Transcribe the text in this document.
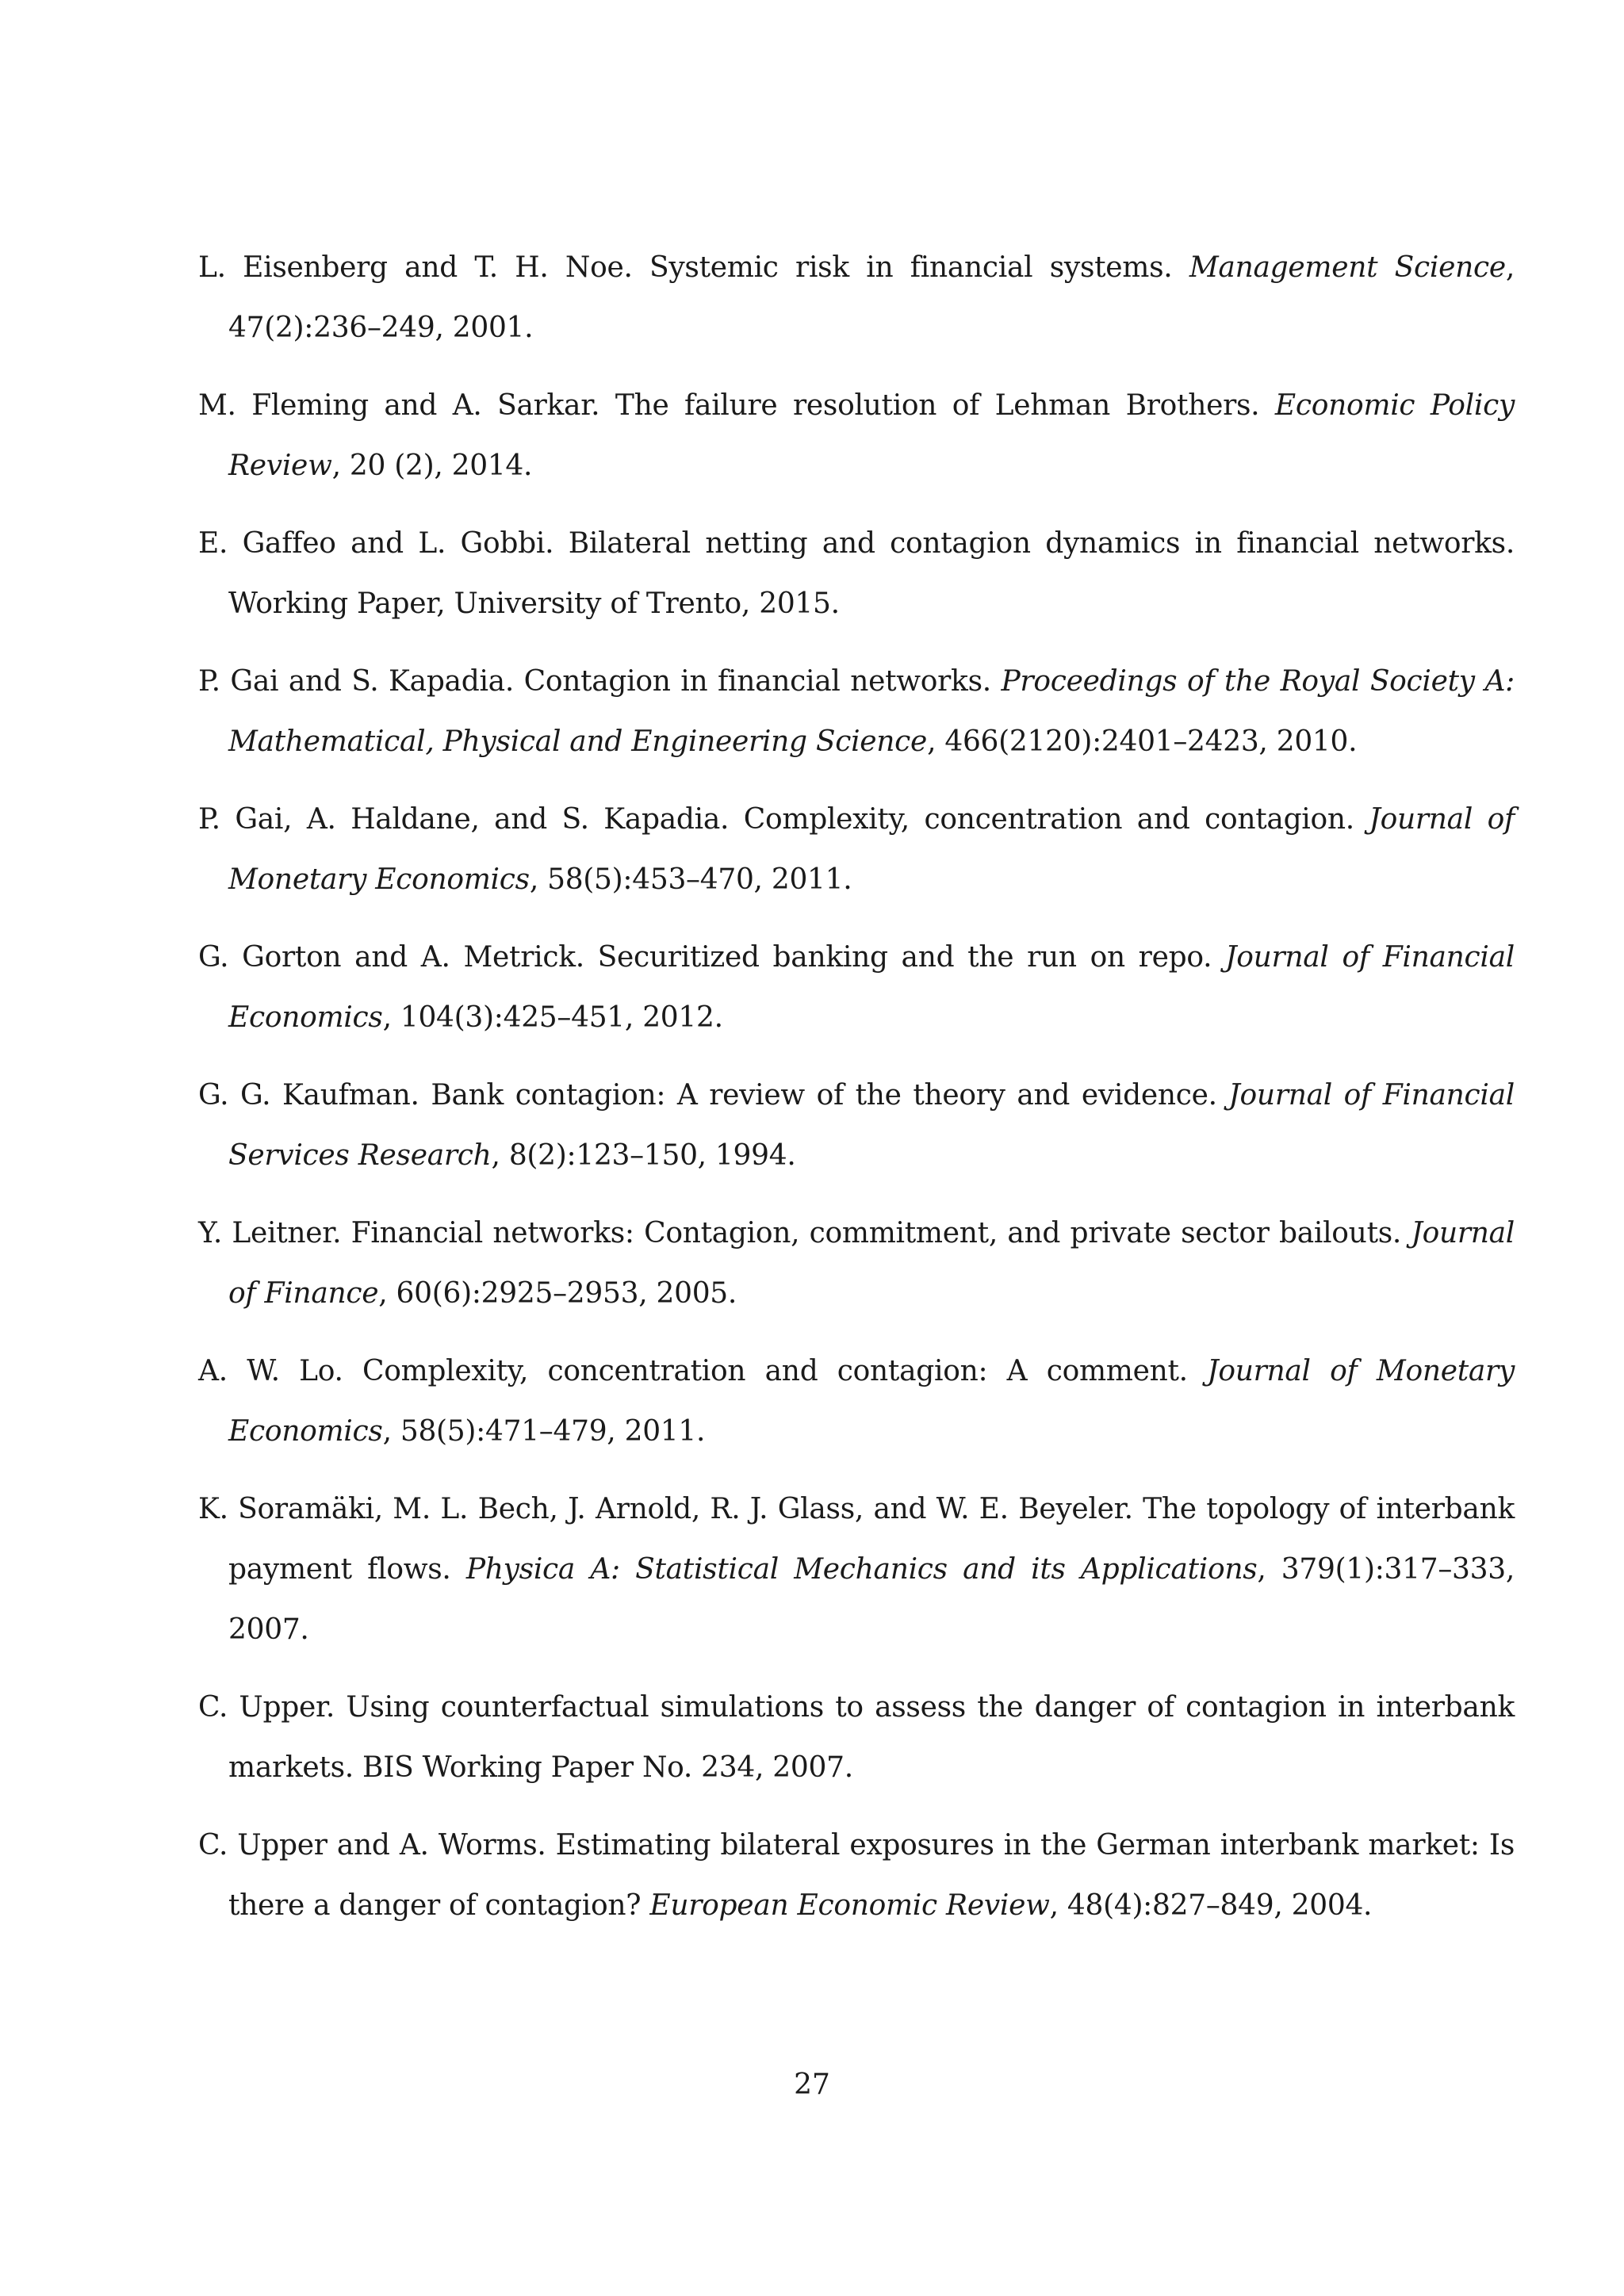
L. Eisenberg and T. H. Noe. Systemic risk in financial systems. Management Science, 47(2):236–249, 2001.

M. Fleming and A. Sarkar. The failure resolution of Lehman Brothers. Economic Policy Review, 20 (2), 2014.

E. Gaffeo and L. Gobbi. Bilateral netting and contagion dynamics in financial networks. Working Paper, University of Trento, 2015.

P. Gai and S. Kapadia. Contagion in financial networks. Proceedings of the Royal Society A: Mathematical, Physical and Engineering Science, 466(2120):2401–2423, 2010.

P. Gai, A. Haldane, and S. Kapadia. Complexity, concentration and contagion. Journal of Monetary Economics, 58(5):453–470, 2011.

G. Gorton and A. Metrick. Securitized banking and the run on repo. Journal of Financial Economics, 104(3):425–451, 2012.

G. G. Kaufman. Bank contagion: A review of the theory and evidence. Journal of Financial Services Research, 8(2):123–150, 1994.

Y. Leitner. Financial networks: Contagion, commitment, and private sector bailouts. Journal of Finance, 60(6):2925–2953, 2005.

A. W. Lo. Complexity, concentration and contagion: A comment. Journal of Monetary Economics, 58(5):471–479, 2011.

K. Soramäki, M. L. Bech, J. Arnold, R. J. Glass, and W. E. Beyeler. The topology of interbank payment flows. Physica A: Statistical Mechanics and its Applications, 379(1):317–333, 2007.

C. Upper. Using counterfactual simulations to assess the danger of contagion in interbank markets. BIS Working Paper No. 234, 2007.

C. Upper and A. Worms. Estimating bilateral exposures in the German interbank market: Is there a danger of contagion? European Economic Review, 48(4):827–849, 2004.

27
